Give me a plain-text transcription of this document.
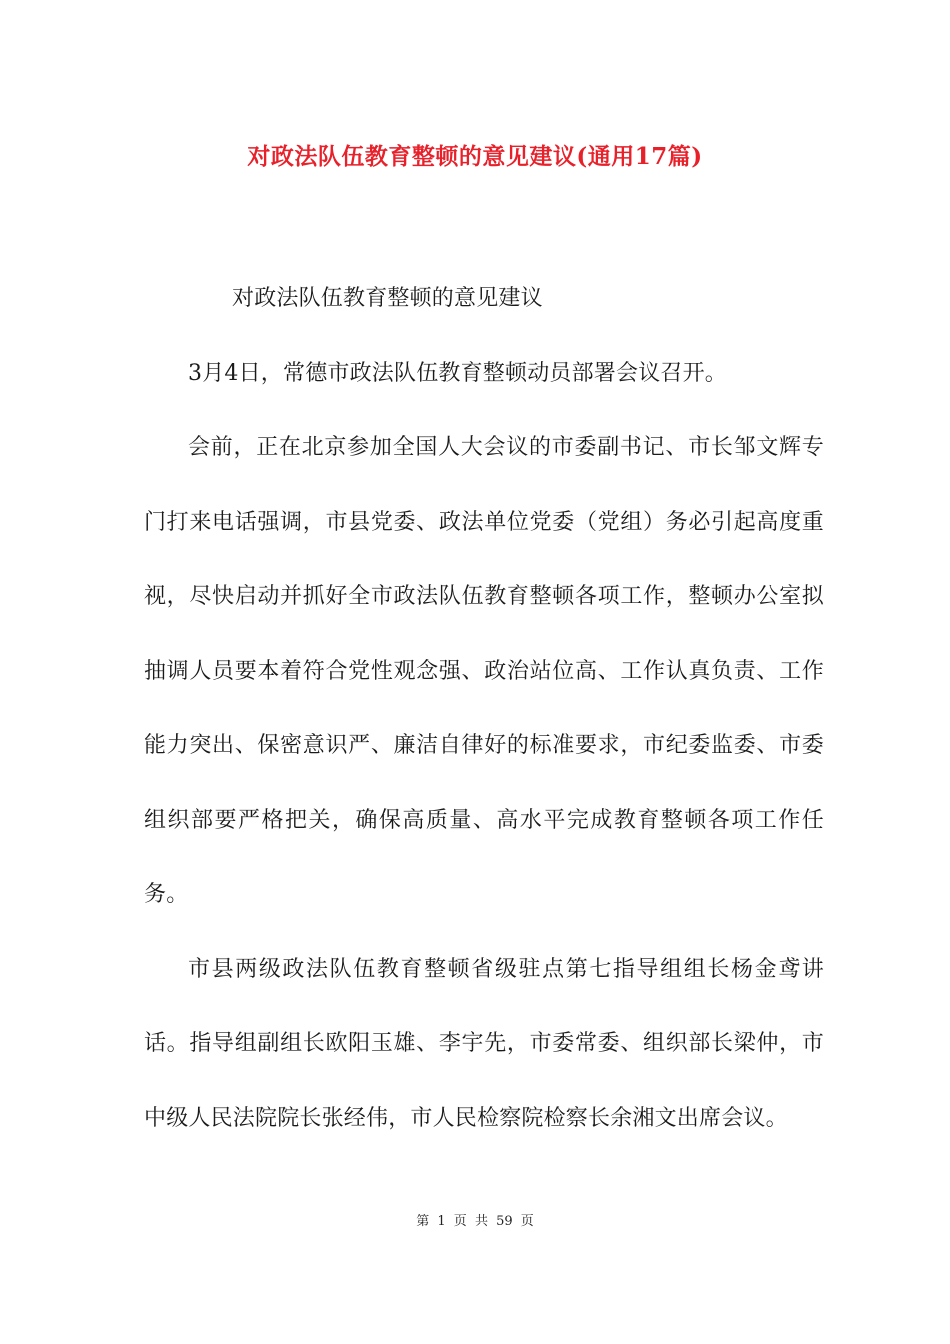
对政法队伍教育整顿的意见建议(通用17篇)

对政法队伍教育整顿的意见建议

3月4日，常德市政法队伍教育整顿动员部署会议召开。

会前，正在北京参加全国人大会议的市委副书记、市长邹文辉专门打来电话强调，市县党委、政法单位党委（党组）务必引起高度重视，尽快启动并抓好全市政法队伍教育整顿各项工作，整顿办公室拟抽调人员要本着符合党性观念强、政治站位高、工作认真负责、工作能力突出、保密意识严、廉洁自律好的标准要求，市纪委监委、市委组织部要严格把关，确保高质量、高水平完成教育整顿各项工作任务。

市县两级政法队伍教育整顿省级驻点第七指导组组长杨金鸢讲话。指导组副组长欧阳玉雄、李宇先，市委常委、组织部长梁仲，市中级人民法院院长张经伟，市人民检察院检察长余湘文出席会议。

第 1 页 共 59 页
